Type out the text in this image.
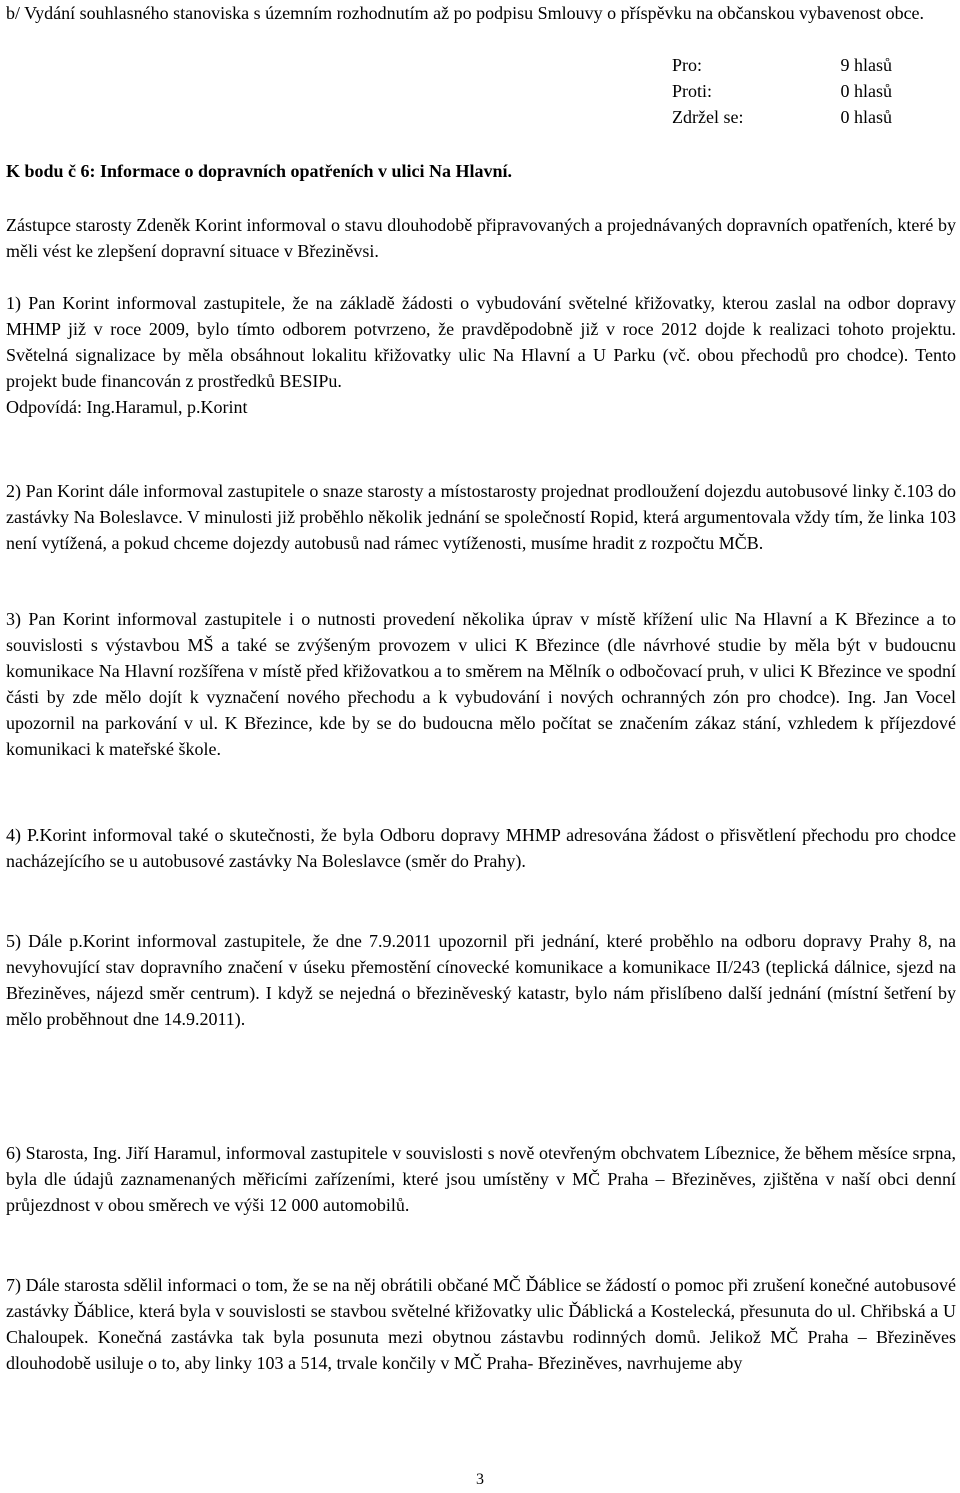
b/ Vydání souhlasného stanoviska s územním rozhodnutím až po podpisu Smlouvy o příspěvku na občanskou vybavenost obce.

Pro:	9 hlasů
Proti:	0 hlasů
Zdržel se:	0 hlasů

K bodu č 6: Informace o dopravních opatřeních v ulici Na Hlavní.

Zástupce starosty Zdeněk Korint informoval o stavu dlouhodobě připravovaných a projednávaných dopravních opatřeních, které by měli vést ke zlepšení dopravní situace v Březiněvsi.

1) Pan Korint informoval zastupitele, že na základě žádosti o vybudování světelné křižovatky, kterou zaslal na odbor dopravy MHMP již v roce 2009, bylo tímto odborem potvrzeno, že pravděpodobně již v roce 2012 dojde k realizaci tohoto projektu. Světelná signalizace by měla obsáhnout lokalitu křižovatky ulic Na Hlavní a U Parku (vč. obou přechodů pro chodce). Tento projekt bude financován z prostředků BESIPu.

Odpovídá: Ing.Haramul, p.Korint

2) Pan Korint dále informoval zastupitele o snaze starosty a místostarosty projednat prodloužení dojezdu autobusové linky č.103 do zastávky Na Boleslavce. V minulosti již proběhlo několik jednání se společností Ropid, která argumentovala vždy tím, že linka 103 není vytížená, a pokud chceme dojezdy autobusů nad rámec vytíženosti, musíme hradit z rozpočtu MČB.

3) Pan Korint informoval zastupitele i o nutnosti provedení několika úprav v místě křížení ulic Na Hlavní a K Březince a to souvislosti s výstavbou MŠ a také se zvýšeným provozem v ulici K Březince (dle návrhové studie by měla být v budoucnu komunikace Na Hlavní rozšířena v místě před křižovatkou a to směrem na Mělník o odbočovací pruh, v ulici K Březince ve spodní části by zde mělo dojít k vyznačení nového přechodu a k vybudování i nových ochranných zón pro chodce). Ing. Jan Vocel upozornil na parkování v ul. K Březince, kde by se do budoucna mělo počítat se značením zákaz stání, vzhledem k příjezdové komunikaci k mateřské škole.

4) P.Korint informoval také o skutečnosti, že byla Odboru dopravy MHMP adresována žádost o přisvětlení přechodu pro chodce nacházejícího se u autobusové zastávky Na Boleslavce (směr do Prahy).

5) Dále p.Korint informoval zastupitele, že dne 7.9.2011 upozornil při jednání, které proběhlo na odboru dopravy Prahy 8, na nevyhovující stav dopravního značení v úseku přemostění cínovecké komunikace a komunikace II/243 (teplická dálnice, sjezd na Březiněves, nájezd směr centrum). I když se nejedná o březiněveský katastr, bylo nám přislíbeno další jednání (místní šetření by mělo proběhnout dne 14.9.2011).

6) Starosta, Ing. Jiří Haramul, informoval zastupitele v souvislosti s nově otevřeným obchvatem Líbeznice, že během měsíce srpna, byla dle údajů zaznamenaných měřicími zařízeními, které jsou umístěny v MČ Praha – Březiněves, zjištěna v naší obci denní průjezdnost v obou směrech ve výši 12 000 automobilů.

7) Dále starosta sdělil informaci o tom, že se na něj obrátili občané MČ Ďáblice se žádostí o pomoc při zrušení konečné autobusové zastávky Ďáblice, která byla v souvislosti se stavbou světelné křižovatky ulic Ďáblická a Kostelecká, přesunuta do ul. Chřibská a U Chaloupek. Konečná zastávka tak byla posunuta mezi obytnou zástavbu rodinných domů. Jelikož MČ Praha – Březiněves dlouhodobě usiluje o to, aby linky 103 a 514, trvale končily v MČ Praha- Březiněves, navrhujeme aby

3
